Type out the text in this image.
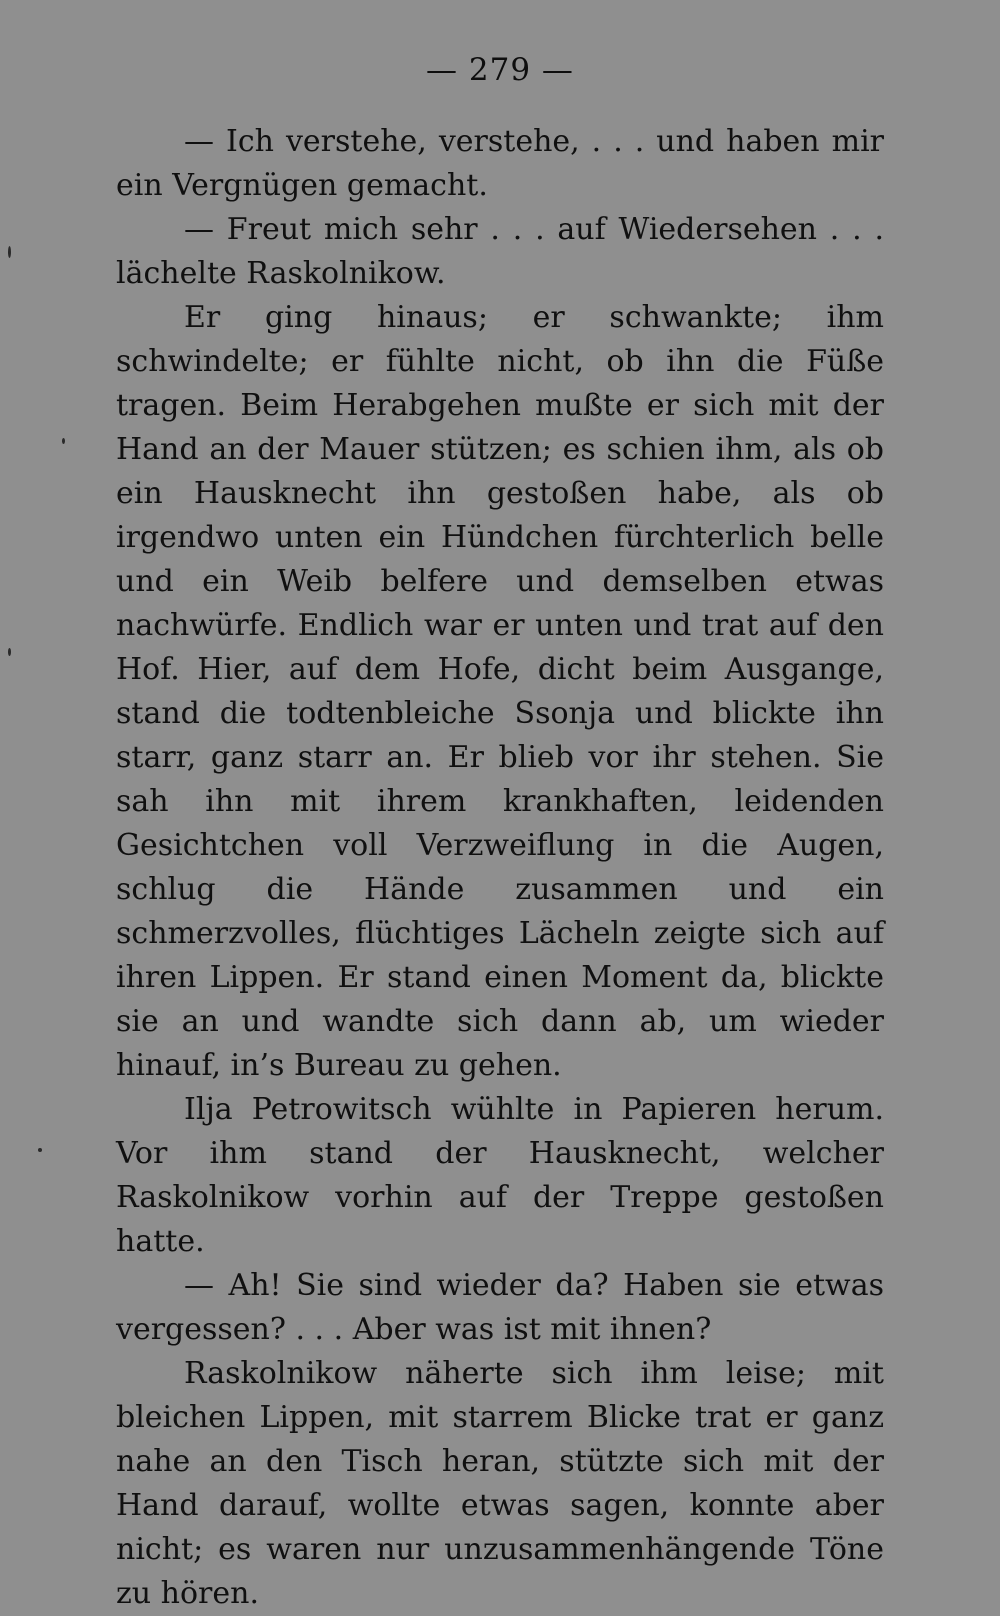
— 279 —

— Ich verstehe, verstehe, . . . und haben mir ein Vergnügen gemacht.

— Freut mich sehr . . . auf Wiedersehen . . . lächelte Raskolnikow.

Er ging hinaus; er schwankte; ihm schwindelte; er fühlte nicht, ob ihn die Füße tragen. Beim Herabgehen mußte er sich mit der Hand an der Mauer stützen; es schien ihm, als ob ein Hausknecht ihn gestoßen habe, als ob irgendwo unten ein Hündchen fürchterlich belle und ein Weib belfere und demselben etwas nachwürfe. Endlich war er unten und trat auf den Hof. Hier, auf dem Hofe, dicht beim Ausgange, stand die todtenbleiche Ssonja und blickte ihn starr, ganz starr an. Er blieb vor ihr stehen. Sie sah ihn mit ihrem krankhaften, leidenden Gesichtchen voll Verzweiflung in die Augen, schlug die Hände zusammen und ein schmerzvolles, flüchtiges Lächeln zeigte sich auf ihren Lippen. Er stand einen Moment da, blickte sie an und wandte sich dann ab, um wieder hinauf, in’s Bureau zu gehen.

Ilja Petrowitsch wühlte in Papieren herum. Vor ihm stand der Hausknecht, welcher Raskolnikow vorhin auf der Treppe gestoßen hatte.

— Ah! Sie sind wieder da? Haben sie etwas vergessen? . . . Aber was ist mit ihnen?

Raskolnikow näherte sich ihm leise; mit bleichen Lippen, mit starrem Blicke trat er ganz nahe an den Tisch heran, stützte sich mit der Hand darauf, wollte etwas sagen, konnte aber nicht; es waren nur unzusammenhängende Töne zu hören.
